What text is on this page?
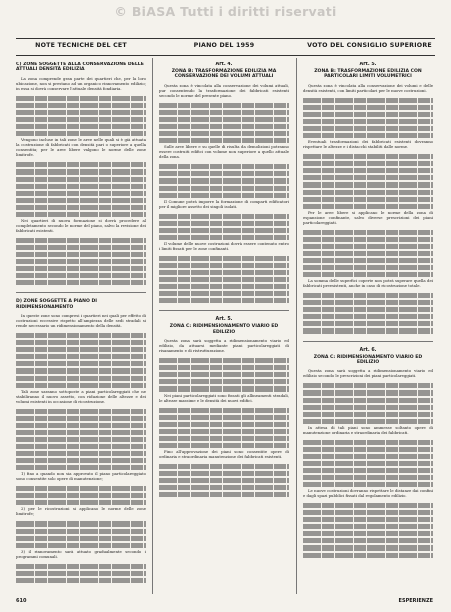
© BiASA Tutti i diritti riservati
NOTE TECNICHE DEL CET	PIANO DEL 1959	VOTO DEL CONSIGLIO SUPERIORE
C) ZONE SOGGETTE ALLA CONSERVAZIONE DELLE ATTUALI DENSITÀ EDILIZIA

La zona comprende gran parte dei quartieri che, per la loro ubicazione, non si prestano ad un organico rinnovamento edilizio; in essa si dovrà conservare l'attuale densità fondiaria.

Vengono incluse in tali zone le aree nelle quali si è già attuata la costruzione di fabbricati con densità pari o superiore a quella consentita; per le aree libere valgono le norme delle zone limitrofe.

Nei quartieri di nuova formazione si dovrà procedere al completamento secondo le norme del piano, salvo la revisione dei fabbricati esistenti.

D) ZONE SOGGETTE A PIANO DI RIDIMENSIONAMENTO

In queste zone sono compresi i quartieri nei quali per effetto di costruzioni eccessive rispetto all'ampiezza delle sedi stradali si rende necessario un ridimensionamento della densità.

Tali zone saranno sottoposte a piani particolareggiati che ne stabiliranno il nuovo assetto, con riduzione delle altezze e dei volumi esistenti in occasione di ricostruzione.

1) fino a quando non sia approvato il piano particolareggiato sono consentite solo opere di manutenzione;

2) per le ricostruzioni si applicano le norme delle zone limitrofe;

3) il rinnovamento sarà attuato gradualmente secondo i programmi comunali.

Art. 4.
ZONA B: TRASFORMAZIONE EDILIZIA MA CONSERVAZIONE DEI VOLUMI ATTUALI

Questa zona è vincolata alla conservazione dei volumi attuali, pur consentendo la trasformazione dei fabbricati esistenti secondo le norme del presente piano.

Sulle aree libere e su quelle di risulta da demolizioni potranno essere costruiti edifici con volume non superiore a quello attuale della zona.

Il Comune potrà imporre la formazione di comparti edificatori per il migliore assetto dei singoli isolati.

Il volume delle nuove costruzioni dovrà essere contenuto entro i limiti fissati per le zone confinanti.

Art. 5.
ZONA C: RIDIMENSIONAMENTO VIARIO ED EDILIZIO

Questa zona sarà soggetta a ridimensionamento viario ed edilizio, da attuarsi mediante piani particolareggiati di risanamento e di ristrutturazione.

Nei piani particolareggiati sono fissati gli allineamenti stradali, le altezze massime e le densità dei nuovi edifici.

Fino all'approvazione dei piani sono consentite opere di ordinaria e straordinaria manutenzione dei fabbricati esistenti.

Art. 5.
ZONA B: TRASFORMAZIONE EDILIZIA CON PARTICOLARI LIMITI VOLUMETRICI

Questa zona è vincolata alla conservazione dei volumi e delle densità esistenti, con limiti particolari per le nuove costruzioni.

Eventuali trasformazioni dei fabbricati esistenti dovranno rispettare le altezze e i distacchi stabiliti dalle norme.

Per le aree libere si applicano le norme della zona di espansione confinante, salvo diverse prescrizioni dei piani particolareggiati.

La somma delle superfici coperte non potrà superare quella dei fabbricati preesistenti, anche in caso di ricostruzione totale.

Art. 6.
ZONA C: RIDIMENSIONAMENTO VIARIO ED EDILIZIO

Questa zona sarà soggetta a ridimensionamento viario ed edilizio secondo le prescrizioni dei piani particolareggiati.

In attesa di tali piani sono ammesse soltanto opere di manutenzione ordinaria e straordinaria dei fabbricati.

Le nuove costruzioni dovranno rispettare le distanze dai confini e dagli spazi pubblici fissati dal regolamento edilizio.

610	ESPERIENZE
